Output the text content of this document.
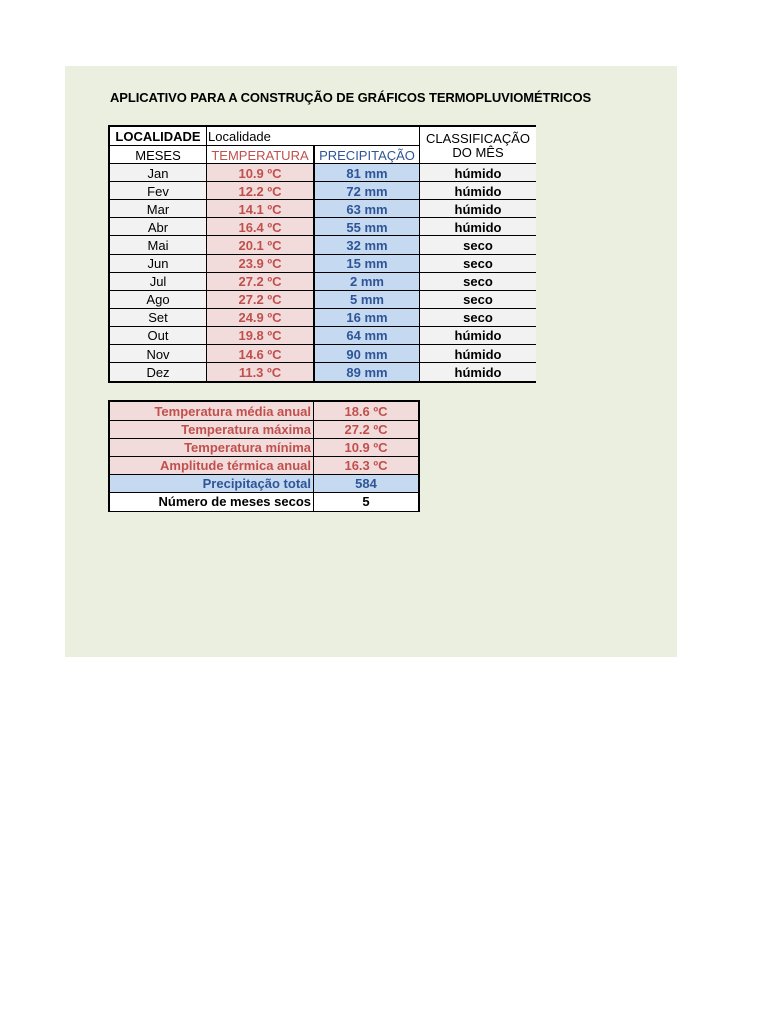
APLICATIVO PARA A CONSTRUÇÃO DE GRÁFICOS TERMOPLUVIOMÉTRICOS
LOCALIDADE Localidade	CLASSIFICAÇÃO
DO MÊS
MESES	TEMPERATURA PRECIPITAÇÃO
Jan	10.9 ºC	81 mm	húmido
Fev	12.2 ºC	72 mm	húmido
Mar	14.1 ºC	63 mm	húmido
Abr	16.4 ºC	55 mm	húmido
Mai	20.1 ºC	32 mm	seco
Jun	23.9 ºC	15 mm	seco
Jul	27.2 ºC	2 mm	seco
Ago	27.2 ºC	5 mm	seco
Set	24.9 ºC	16 mm	seco
Out	19.8 ºC	64 mm	húmido
Nov	14.6 ºC	90 mm	húmido
Dez	11.3 ºC	89 mm	húmido
Temperatura média anual	18.6 ºC
Temperatura máxima	27.2 ºC
Temperatura mínima	10.9 ºC
Amplitude térmica anual	16.3 ºC
Precipitação total	584
Número de meses secos	5
